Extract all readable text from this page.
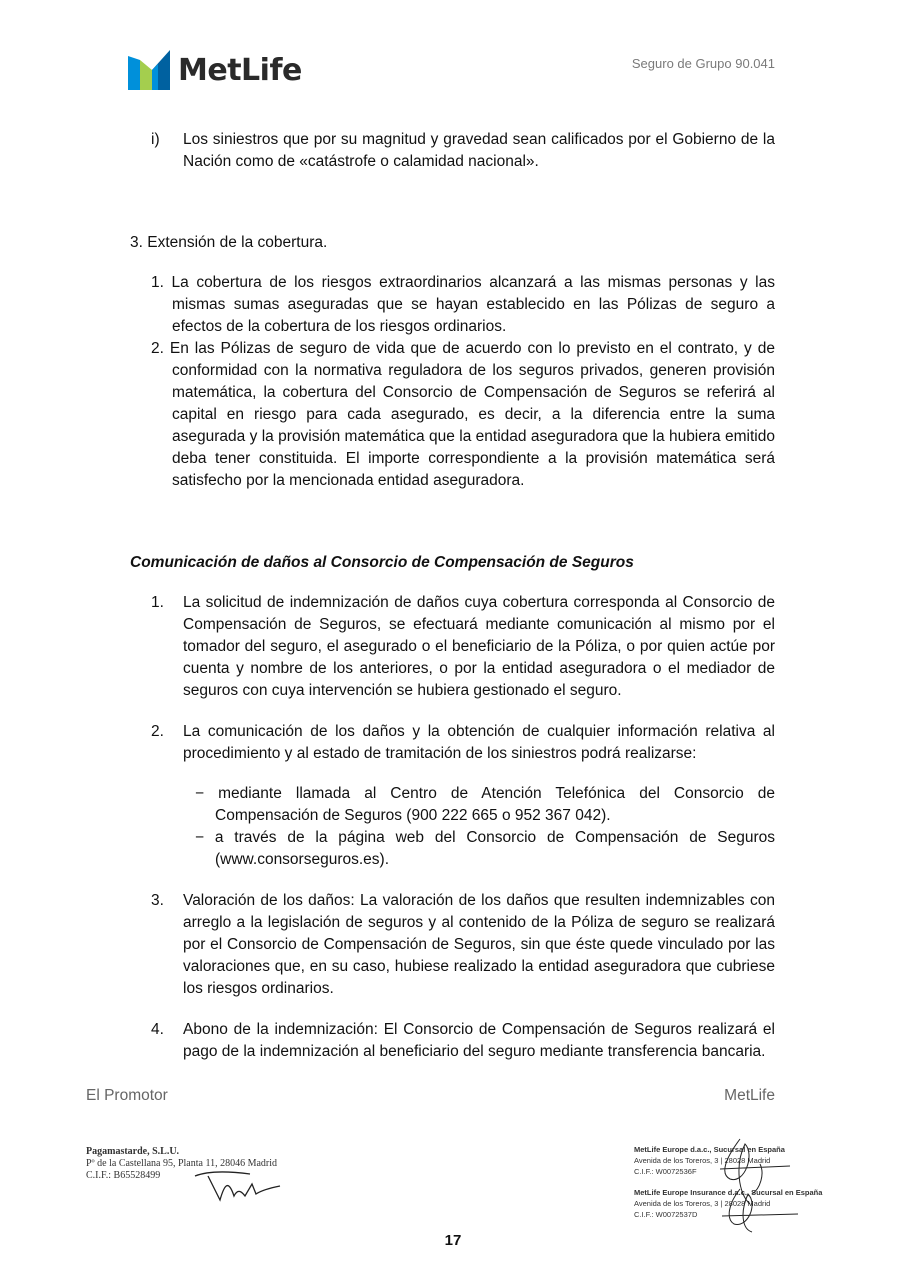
MetLife	Seguro de Grupo 90.041
i) Los siniestros que por su magnitud y gravedad sean calificados por el Gobierno de la Nación como de «catástrofe o calamidad nacional».
3. Extensión de la cobertura.
1. La cobertura de los riesgos extraordinarios alcanzará a las mismas personas y las mismas sumas aseguradas que se hayan establecido en las Pólizas de seguro a efectos de la cobertura de los riesgos ordinarios.
2. En las Pólizas de seguro de vida que de acuerdo con lo previsto en el contrato, y de conformidad con la normativa reguladora de los seguros privados, generen provisión matemática, la cobertura del Consorcio de Compensación de Seguros se referirá al capital en riesgo para cada asegurado, es decir, a la diferencia entre la suma asegurada y la provisión matemática que la entidad aseguradora que la hubiera emitido deba tener constituida. El importe correspondiente a la provisión matemática será satisfecho por la mencionada entidad aseguradora.
Comunicación de daños al Consorcio de Compensación de Seguros
1. La solicitud de indemnización de daños cuya cobertura corresponda al Consorcio de Compensación de Seguros, se efectuará mediante comunicación al mismo por el tomador del seguro, el asegurado o el beneficiario de la Póliza, o por quien actúe por cuenta y nombre de los anteriores, o por la entidad aseguradora o el mediador de seguros con cuya intervención se hubiera gestionado el seguro.
2. La comunicación de los daños y la obtención de cualquier información relativa al procedimiento y al estado de tramitación de los siniestros podrá realizarse:
− mediante llamada al Centro de Atención Telefónica del Consorcio de Compensación de Seguros (900 222 665 o 952 367 042).
− a través de la página web del Consorcio de Compensación de Seguros (www.consorseguros.es).
3. Valoración de los daños: La valoración de los daños que resulten indemnizables con arreglo a la legislación de seguros y al contenido de la Póliza de seguro se realizará por el Consorcio de Compensación de Seguros, sin que éste quede vinculado por las valoraciones que, en su caso, hubiese realizado la entidad aseguradora que cubriese los riesgos ordinarios.
4. Abono de la indemnización: El Consorcio de Compensación de Seguros realizará el pago de la indemnización al beneficiario del seguro mediante transferencia bancaria.
El Promotor	MetLife
Pagamastarde, S.L.U.
Pº de la Castellana 95, Planta 11, 28046 Madrid
C.I.F.: B65528499
MetLife Europe d.a.c., Sucursal en España
Avenida de los Toreros, 3 | 28028 Madrid
C.I.F.: W0072536F
MetLife Europe Insurance d.a.c., Sucursal en España
Avenida de los Toreros, 3 | 28028 Madrid
C.I.F.: W0072537D
17
